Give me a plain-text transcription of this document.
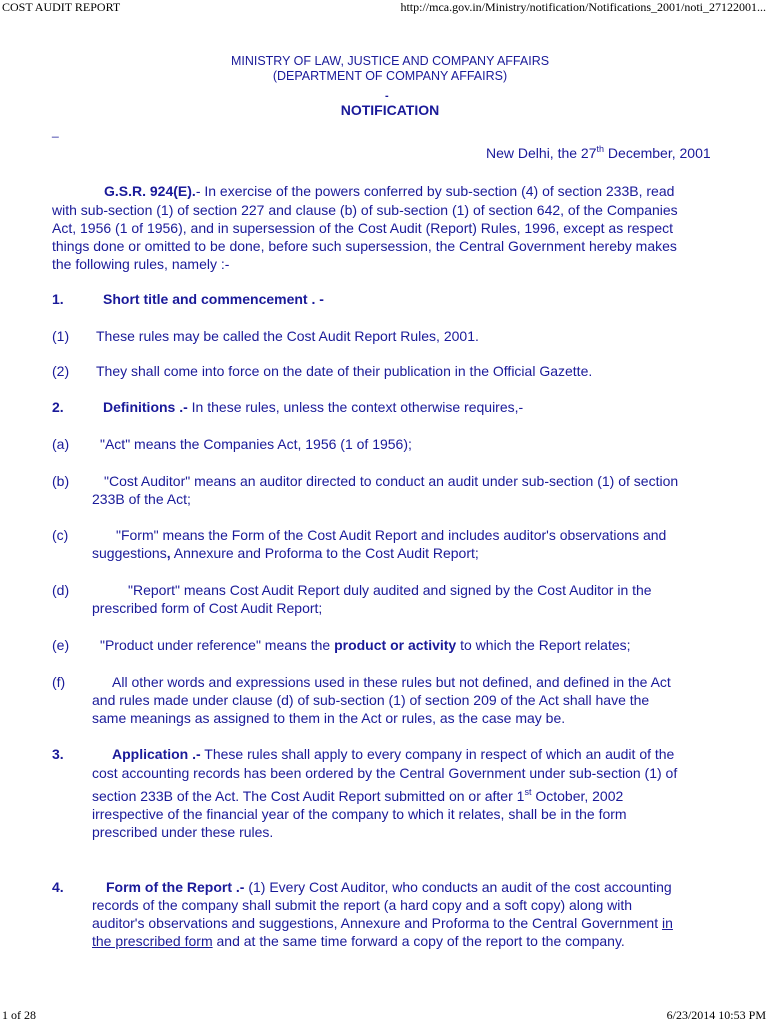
COST AUDIT REPORT	http://mca.gov.in/Ministry/notification/Notifications_2001/noti_27122001...
MINISTRY OF LAW, JUSTICE AND COMPANY AFFAIRS
(DEPARTMENT OF COMPANY AFFAIRS)
-
NOTIFICATION
_
New Delhi, the 27th December, 2001
G.S.R. 924(E).- In exercise of the powers conferred by sub-section (4) of section 233B, read
with sub-section (1) of section 227 and clause (b) of sub-section (1) of section 642, of the Companies
Act, 1956 (1 of 1956), and in supersession of the Cost Audit (Report) Rules, 1996, except as respect
things done or omitted to be done, before such supersession, the Central Government hereby makes
the following rules, namely :-
1.	Short title and commencement . -
(1) These rules may be called the Cost Audit Report Rules, 2001.
(2) They shall come into force on the date of their publication in the Official Gazette.
2.	Definitions .- In these rules, unless the context otherwise requires,-
(a) "Act" means the Companies Act, 1956 (1 of 1956);
(b) "Cost Auditor" means an auditor directed to conduct an audit under sub-section (1) of section
233B of the Act;
(c)	"Form" means the Form of the Cost Audit Report and includes auditor's observations and
suggestions, Annexure and Proforma to the Cost Audit Report;
(d)	"Report" means Cost Audit Report duly audited and signed by the Cost Auditor in the
prescribed form of Cost Audit Report;
(e) "Product under reference" means the product or activity to which the Report relates;
(f)	All other words and expressions used in these rules but not defined, and defined in the Act
and rules made under clause (d) of sub-section (1) of section 209 of the Act shall have the
same meanings as assigned to them in the Act or rules, as the case may be.
3.	Application .- These rules shall apply to every company in respect of which an audit of the
cost accounting records has been ordered by the Central Government under sub-section (1) of
section 233B of the Act. The Cost Audit Report submitted on or after 1st October, 2002
irrespective of the financial year of the company to which it relates, shall be in the form
prescribed under these rules.
4.	Form of the Report .- (1) Every Cost Auditor, who conducts an audit of the cost accounting
records of the company shall submit the report (a hard copy and a soft copy) along with
auditor's observations and suggestions, Annexure and Proforma to the Central Government in
the prescribed form and at the same time forward a copy of the report to the company.
1 of 28	6/23/2014 10:53 PM
